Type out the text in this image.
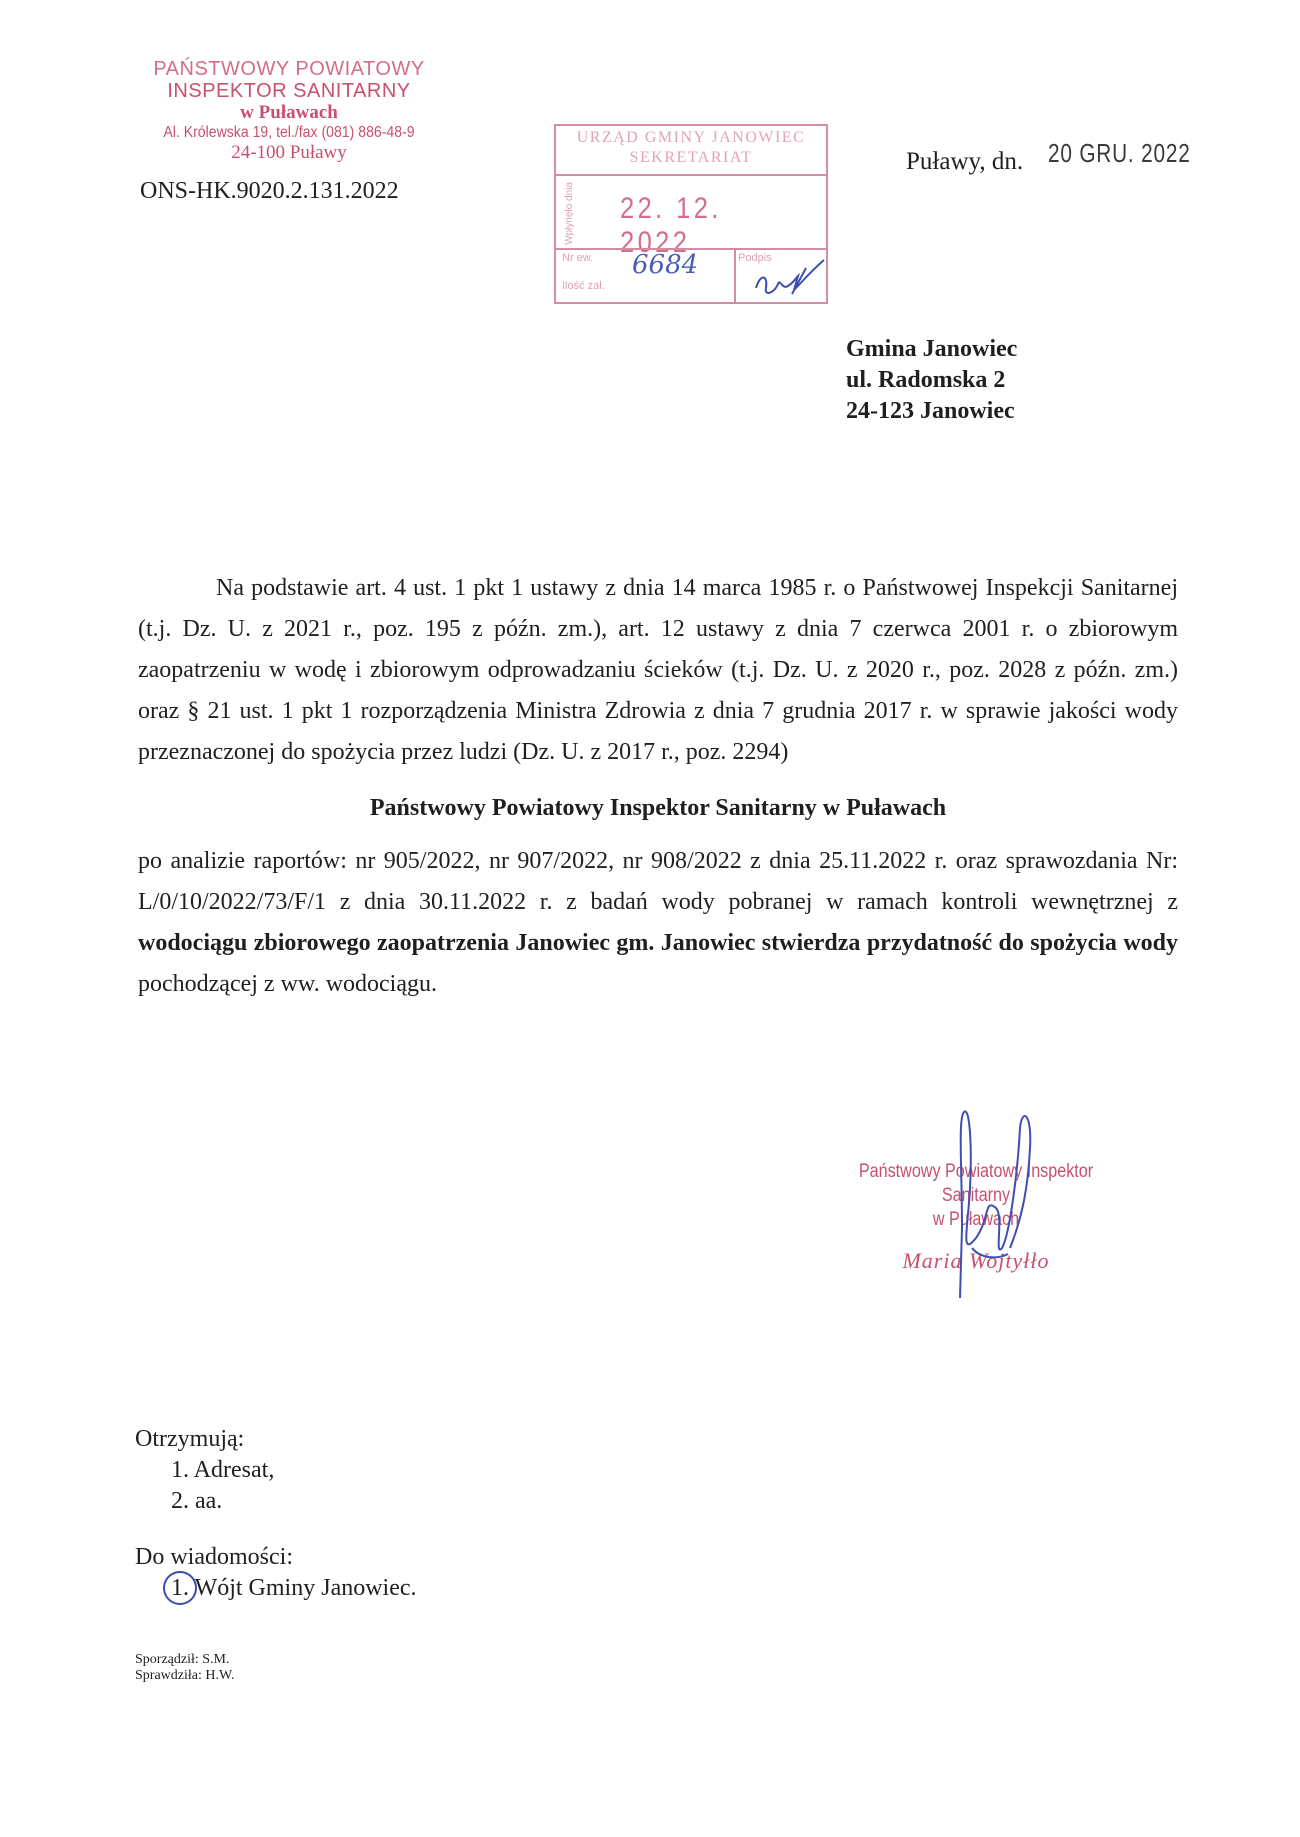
PAŃSTWOWY POWIATOWY
INSPEKTOR SANITARNY
w Puławach
Al. Królewska 19, tel./fax (081) 886-48-9
24-100 Puławy
ONS-HK.9020.2.131.2022
URZĄD GMINY JANOWIEC
SEKRETARIAT
Wpłynęło dnia 22. 12. 2022
Nr ew.
Ilość zał.
6684	Podpis
Puławy, dn. 20 GRU. 2022
Gmina Janowiec
ul. Radomska 2
24-123 Janowiec

Na podstawie art. 4 ust. 1 pkt 1 ustawy z dnia 14 marca 1985 r. o Państwowej Inspekcji Sanitarnej (t.j. Dz. U. z 2021 r., poz. 195 z późn. zm.), art. 12 ustawy z dnia 7 czerwca 2001 r. o zbiorowym zaopatrzeniu w wodę i zbiorowym odprowadzaniu ścieków (t.j. Dz. U. z 2020 r., poz. 2028 z późn. zm.) oraz § 21 ust. 1 pkt 1 rozporządzenia Ministra Zdrowia z dnia 7 grudnia 2017 r. w sprawie jakości wody przeznaczonej do spożycia przez ludzi (Dz. U. z 2017 r., poz. 2294)

Państwowy Powiatowy Inspektor Sanitarny w Puławach

po analizie raportów: nr 905/2022, nr 907/2022, nr 908/2022 z dnia 25.11.2022 r. oraz sprawozdania Nr: L/0/10/2022/73/F/1 z dnia 30.11.2022 r. z badań wody pobranej w ramach kontroli wewnętrznej z wodociągu zbiorowego zaopatrzenia Janowiec gm. Janowiec stwierdza przydatność do spożycia wody pochodzącej z ww. wodociągu.

Państwowy Powiatowy Inspektor Sanitarny
w Puławach
Maria Wojtyłło
Otrzymują:
1. Adresat,
2. aa.
Do wiadomości:
1. Wójt Gminy Janowiec.
Sporządził: S.M.
Sprawdziła: H.W.
